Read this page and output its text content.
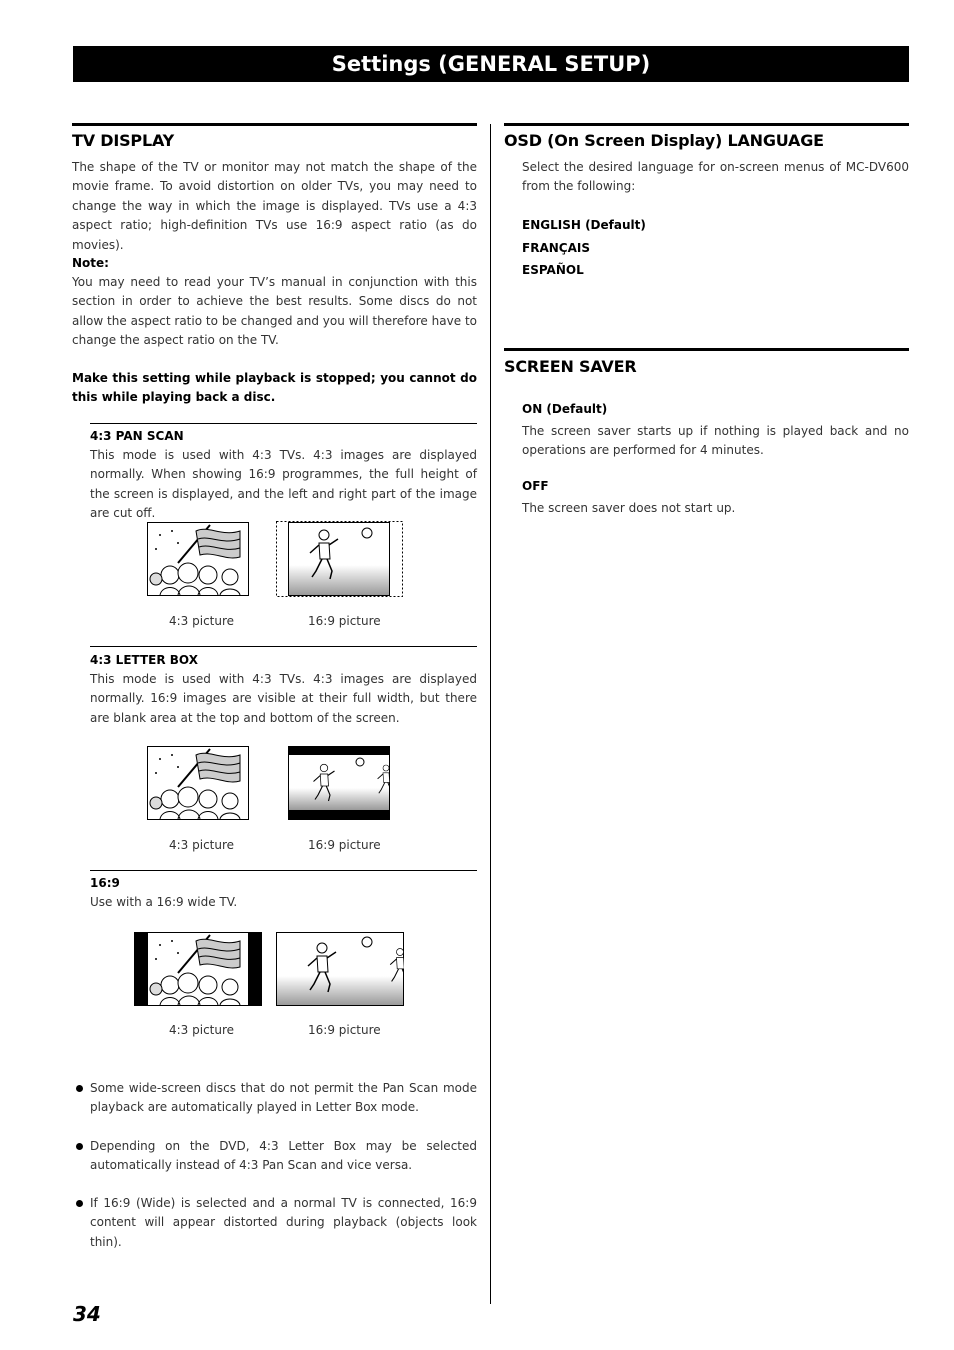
Settings (GENERAL SETUP)
TV DISPLAY

The shape of the TV or monitor may not match the shape of the movie frame. To avoid distortion on older TVs, you may need to change the way in which the image is displayed. TVs use a 4:3 aspect ratio; high-definition TVs use 16:9 aspect ratio (as do movies).

Note:

You may need to read your TV’s manual in conjunction with this section in order to achieve the best results. Some discs do not allow the aspect ratio to be changed and you will therefore have to change the aspect ratio on the TV.

Make this setting while playback is stopped; you cannot do this while playing back a disc.

4:3 PAN SCAN

This mode is used with 4:3 TVs. 4:3 images are displayed normally. When showing 16:9 programmes, the full height of the screen is displayed, and the left and right part of the image are cut off.

4:3 picture	16:9 picture

4:3 LETTER BOX

This mode is used with 4:3 TVs. 4:3 images are displayed normally. 16:9 images are visible at their full width, but there are blank area at the top and bottom of the screen.

4:3 picture	16:9 picture

16:9

Use with a 16:9 wide TV.

4:3 picture	16:9 picture

Some wide-screen discs that do not permit the Pan Scan mode playback are automatically played in Letter Box mode.

Depending on the DVD, 4:3 Letter Box may be selected automatically instead of 4:3 Pan Scan and vice versa.

If 16:9 (Wide) is selected and a normal TV is connected, 16:9 content will appear distorted during playback (objects look thin).

OSD (On Screen Display) LANGUAGE

Select the desired language for on-screen menus of MC-DV600 from the following:

ENGLISH (Default)

FRANÇAIS

ESPAÑOL

SCREEN SAVER

ON (Default)

The screen saver starts up if nothing is played back and no operations are performed for 4 minutes.

OFF

The screen saver does not start up.

34
